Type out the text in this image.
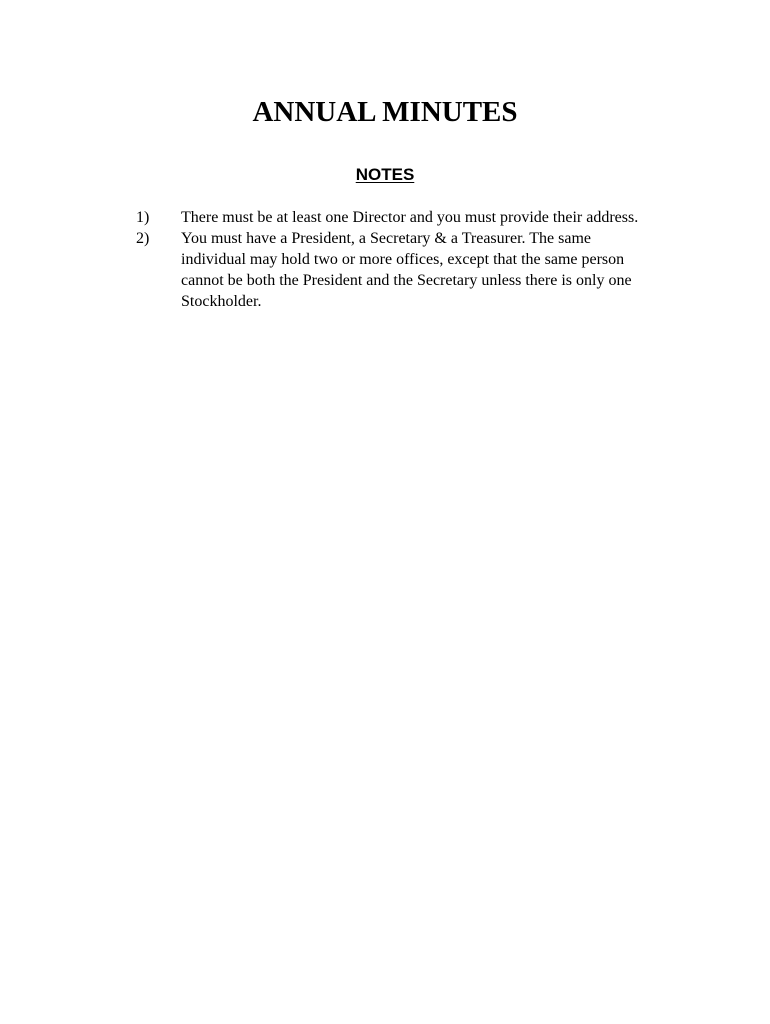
ANNUAL MINUTES
NOTES
1)	There must be at least one Director and you must provide their address.
2)	You must have a President, a Secretary & a Treasurer. The same individual may hold two or more offices, except that the same person cannot be both the President and the Secretary unless there is only one Stockholder.
